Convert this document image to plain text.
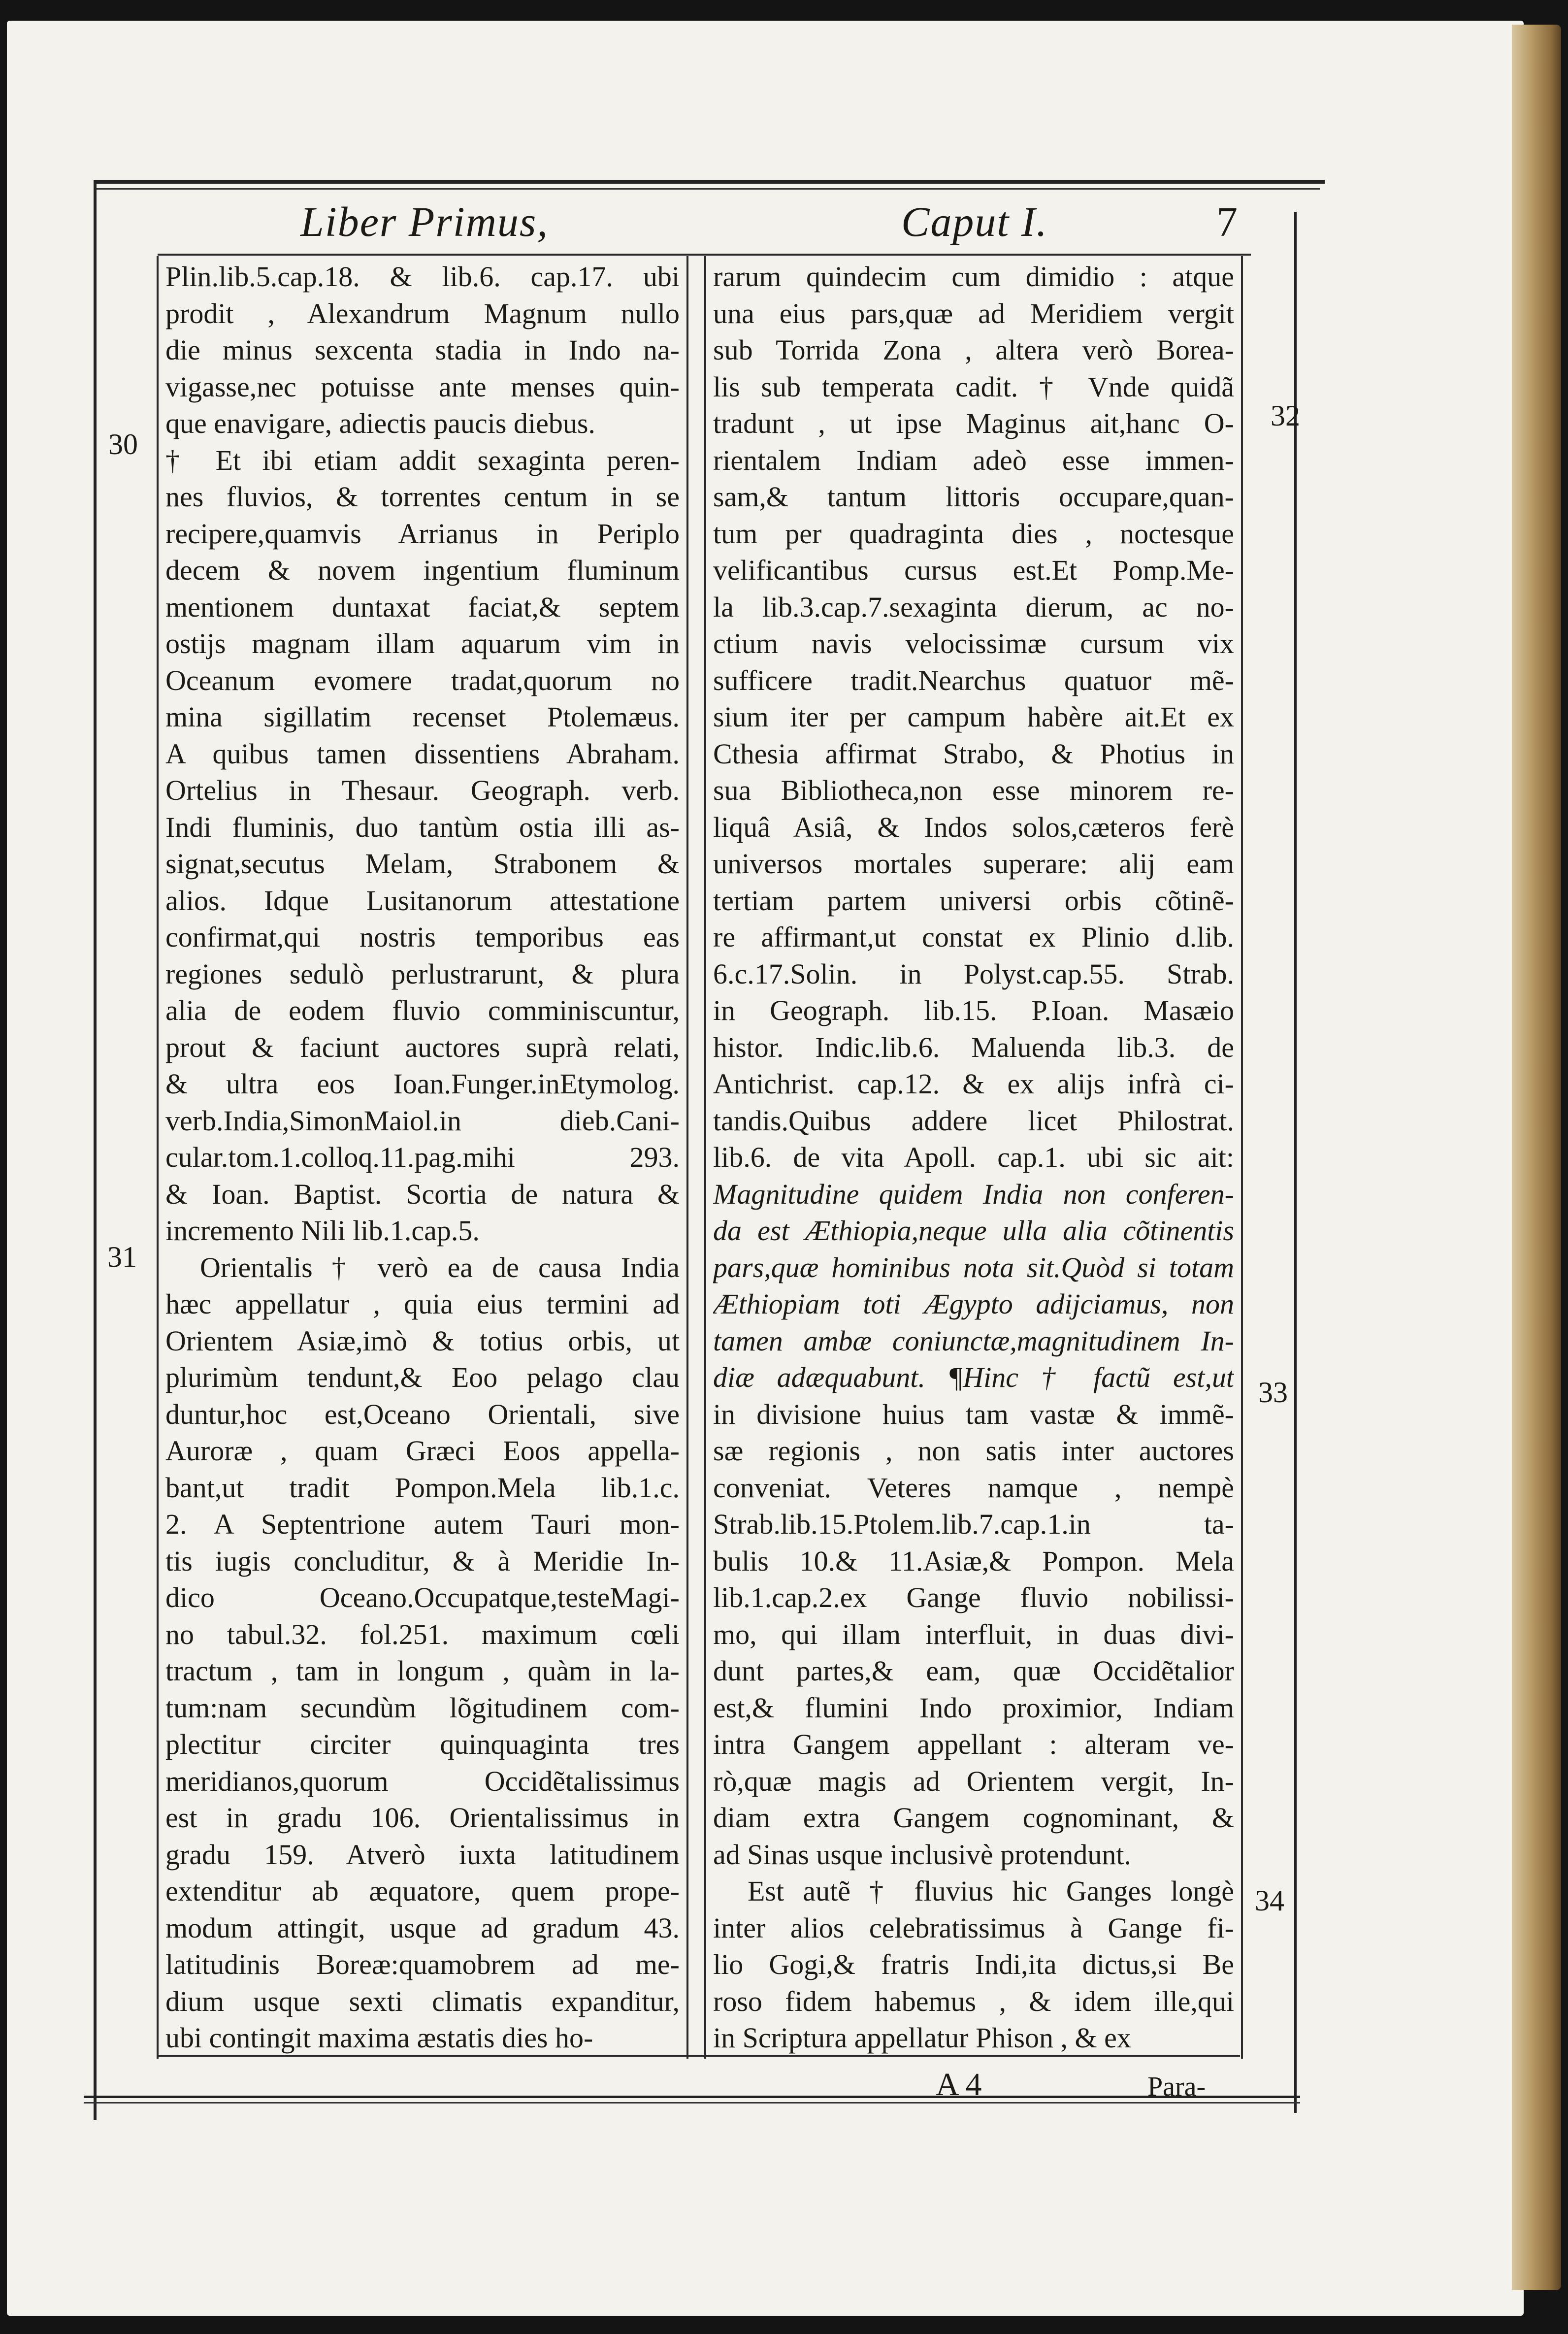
Liber Primus,	Caput I.	7
30
31
32
33
34
Plin.lib.5.cap.18. & lib.6. cap.17. ubi
prodit , Alexandrum Magnum nullo
die minus sexcenta stadia in Indo na-
vigasse,nec potuisse ante menses quin-
que enavigare, adiectis paucis diebus.
† Et ibi etiam addit sexaginta peren-
nes fluvios, & torrentes centum in se
recipere,quamvis Arrianus in Periplo
decem & novem ingentium fluminum
mentionem duntaxat faciat,& septem
ostijs magnam illam aquarum vim in
Oceanum evomere tradat,quorum no
mina sigillatim recenset Ptolemæus.
A quibus tamen dissentiens Abraham.
Ortelius in Thesaur. Geograph. verb.
Indi fluminis, duo tantùm ostia illi as-
signat,secutus Melam, Strabonem &
alios. Idque Lusitanorum attestatione
confirmat,qui nostris temporibus eas
regiones sedulò perlustrarunt, & plura
alia de eodem fluvio comminiscuntur,
prout & faciunt auctores suprà relati,
& ultra eos Ioan.Funger.inEtymolog.
verb.India,SimonMaiol.in dieb.Cani-
cular.tom.1.colloq.11.pag.mihi 293.
& Ioan. Baptist. Scortia de natura &
incremento Nili lib.1.cap.5.
Orientalis † verò ea de causa India
hæc appellatur , quia eius termini ad
Orientem Asiæ,imò & totius orbis, ut
plurimùm tendunt,& Eoo pelago clau
duntur,hoc est,Oceano Orientali, sive
Auroræ , quam Græci Eoos appella-
bant,ut tradit Pompon.Mela lib.1.c.
2. A Septentrione autem Tauri mon-
tis iugis concluditur, & à Meridie In-
dico Oceano.Occupatque,testeMagi-
no tabul.32. fol.251. maximum cœli
tractum , tam in longum , quàm in la-
tum:nam secundùm lõgitudinem com-
plectitur circiter quinquaginta tres
meridianos,quorum Occidẽtalissimus
est in gradu 106. Orientalissimus in
gradu 159. Atverò iuxta latitudinem
extenditur ab æquatore, quem prope-
modum attingit, usque ad gradum 43.
latitudinis Boreæ:quamobrem ad me-
dium usque sexti climatis expanditur,
ubi contingit maxima æstatis dies ho-
rarum quindecim cum dimidio : atque
una eius pars,quæ ad Meridiem vergit
sub Torrida Zona , altera verò Borea-
lis sub temperata cadit. † Vnde quidã
tradunt , ut ipse Maginus ait,hanc O-
rientalem Indiam adeò esse immen-
sam,& tantum littoris occupare,quan-
tum per quadraginta dies , noctesque
velificantibus cursus est.Et Pomp.Me-
la lib.3.cap.7.sexaginta dierum, ac no-
ctium navis velocissimæ cursum vix
sufficere tradit.Nearchus quatuor mẽ-
sium iter per campum habère ait.Et ex
Cthesia affirmat Strabo, & Photius in
sua Bibliotheca,non esse minorem re-
liquâ Asiâ, & Indos solos,cæteros ferè
universos mortales superare: alij eam
tertiam partem universi orbis cõtinẽ-
re affirmant,ut constat ex Plinio d.lib.
6.c.17.Solin. in Polyst.cap.55. Strab.
in Geograph. lib.15. P.Ioan. Masæio
histor. Indic.lib.6. Maluenda lib.3. de
Antichrist. cap.12. & ex alijs infrà ci-
tandis.Quibus addere licet Philostrat.
lib.6. de vita Apoll. cap.1. ubi sic ait:
Magnitudine quidem India non conferen-
da est Æthiopia,neque ulla alia cõtinentis
pars,quæ hominibus nota sit.Quòd si totam
Æthiopiam toti Ægypto adijciamus, non
tamen ambæ coniunctæ,magnitudinem In-
diæ adæquabunt. ¶Hinc † factũ est,ut
in divisione huius tam vastæ & immẽ-
sæ regionis , non satis inter auctores
conveniat. Veteres namque , nempè
Strab.lib.15.Ptolem.lib.7.cap.1.in ta-
bulis 10.& 11.Asiæ,& Pompon. Mela
lib.1.cap.2.ex Gange fluvio nobilissi-
mo, qui illam interfluit, in duas divi-
dunt partes,& eam, quæ Occidẽtalior
est,& flumini Indo proximior, Indiam
intra Gangem appellant : alteram ve-
rò,quæ magis ad Orientem vergit, In-
diam extra Gangem cognominant, &
ad Sinas usque inclusivè protendunt.
Est autẽ † fluvius hic Ganges longè
inter alios celebratissimus à Gange fi-
lio Gogi,& fratris Indi,ita dictus,si Be
roso fidem habemus , & idem ille,qui
in Scriptura appellatur Phison , & ex
A 4	Para-
